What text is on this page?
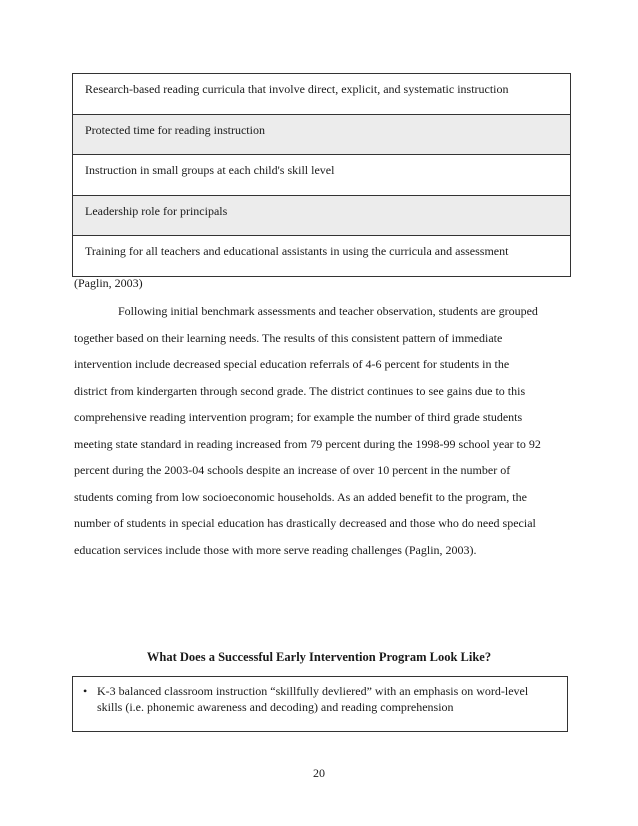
Research-based reading curricula that involve direct, explicit, and systematic instruction
Protected time for reading instruction
Instruction in small groups at each child's skill level
Leadership role for principals
Training for all teachers and educational assistants in using the curricula and assessment
(Paglin, 2003)

Following initial benchmark assessments and teacher observation, students are grouped
together based on their learning needs. The results of this consistent pattern of immediate
intervention include decreased special education referrals of 4-6 percent for students in the
district from kindergarten through second grade. The district continues to see gains due to this
comprehensive reading intervention program; for example the number of third grade students
meeting state standard in reading increased from 79 percent during the 1998-99 school year to 92
percent during the 2003-04 schools despite an increase of over 10 percent in the number of
students coming from low socioeconomic households. As an added benefit to the program, the
number of students in special education has drastically decreased and those who do need special
education services include those with more serve reading challenges (Paglin, 2003).

What Does a Successful Early Intervention Program Look Like?
• K-3 balanced classroom instruction “skillfully devliered” with an emphasis on word-level
skills (i.e. phonemic awareness and decoding) and reading comprehension
20
